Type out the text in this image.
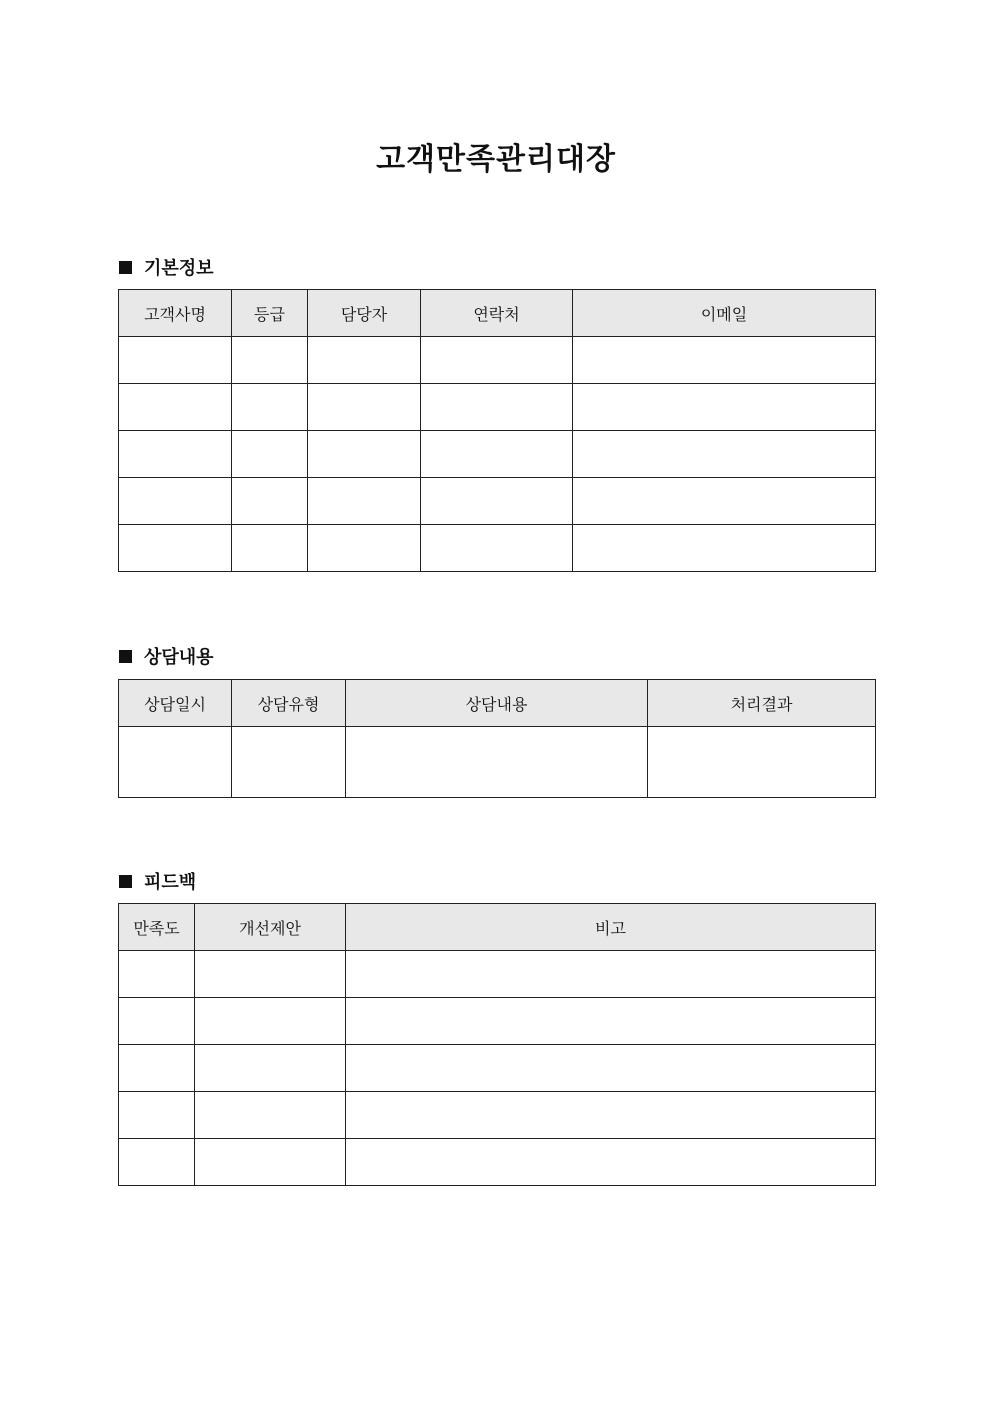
고객만족관리대장
기본정보
고객사명	등급	담당자	연락처	이메일

상담내용
상담일시	상담유형	상담내용	처리결과

피드백
만족도	개선제안	비고
